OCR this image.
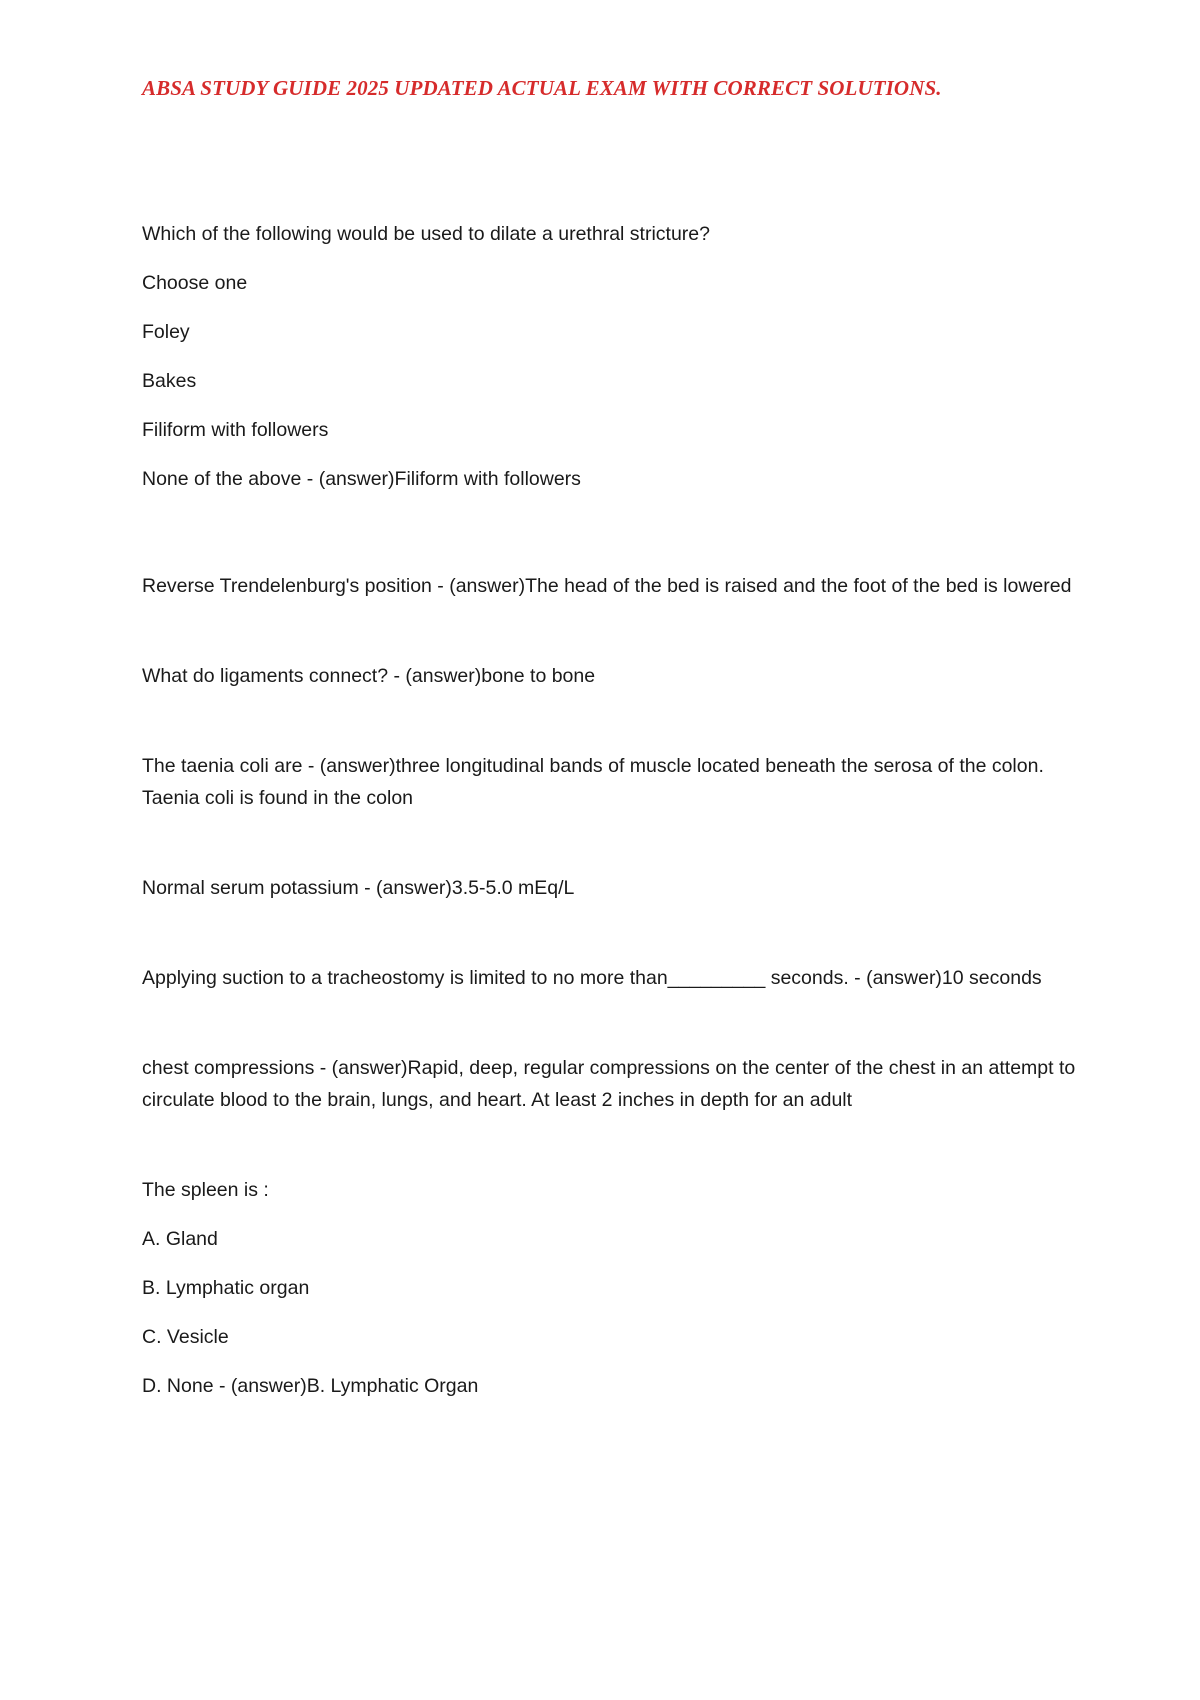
ABSA STUDY GUIDE 2025 UPDATED ACTUAL EXAM WITH CORRECT SOLUTIONS.

Which of the following would be used to dilate a urethral stricture?

Choose one

Foley

Bakes

Filiform with followers

None of the above - (answer)Filiform with followers

Reverse Trendelenburg's position - (answer)The head of the bed is raised and the foot of the bed is lowered

What do ligaments connect? - (answer)bone to bone

The taenia coli are - (answer)three longitudinal bands of muscle located beneath the serosa of the colon. Taenia coli is found in the colon

Normal serum potassium - (answer)3.5-5.0 mEq/L

Applying suction to a tracheostomy is limited to no more than_________ seconds. - (answer)10 seconds

chest compressions - (answer)Rapid, deep, regular compressions on the center of the chest in an attempt to circulate blood to the brain, lungs, and heart. At least 2 inches in depth for an adult

The spleen is :

A. Gland

B. Lymphatic organ

C. Vesicle

D. None - (answer)B. Lymphatic Organ
